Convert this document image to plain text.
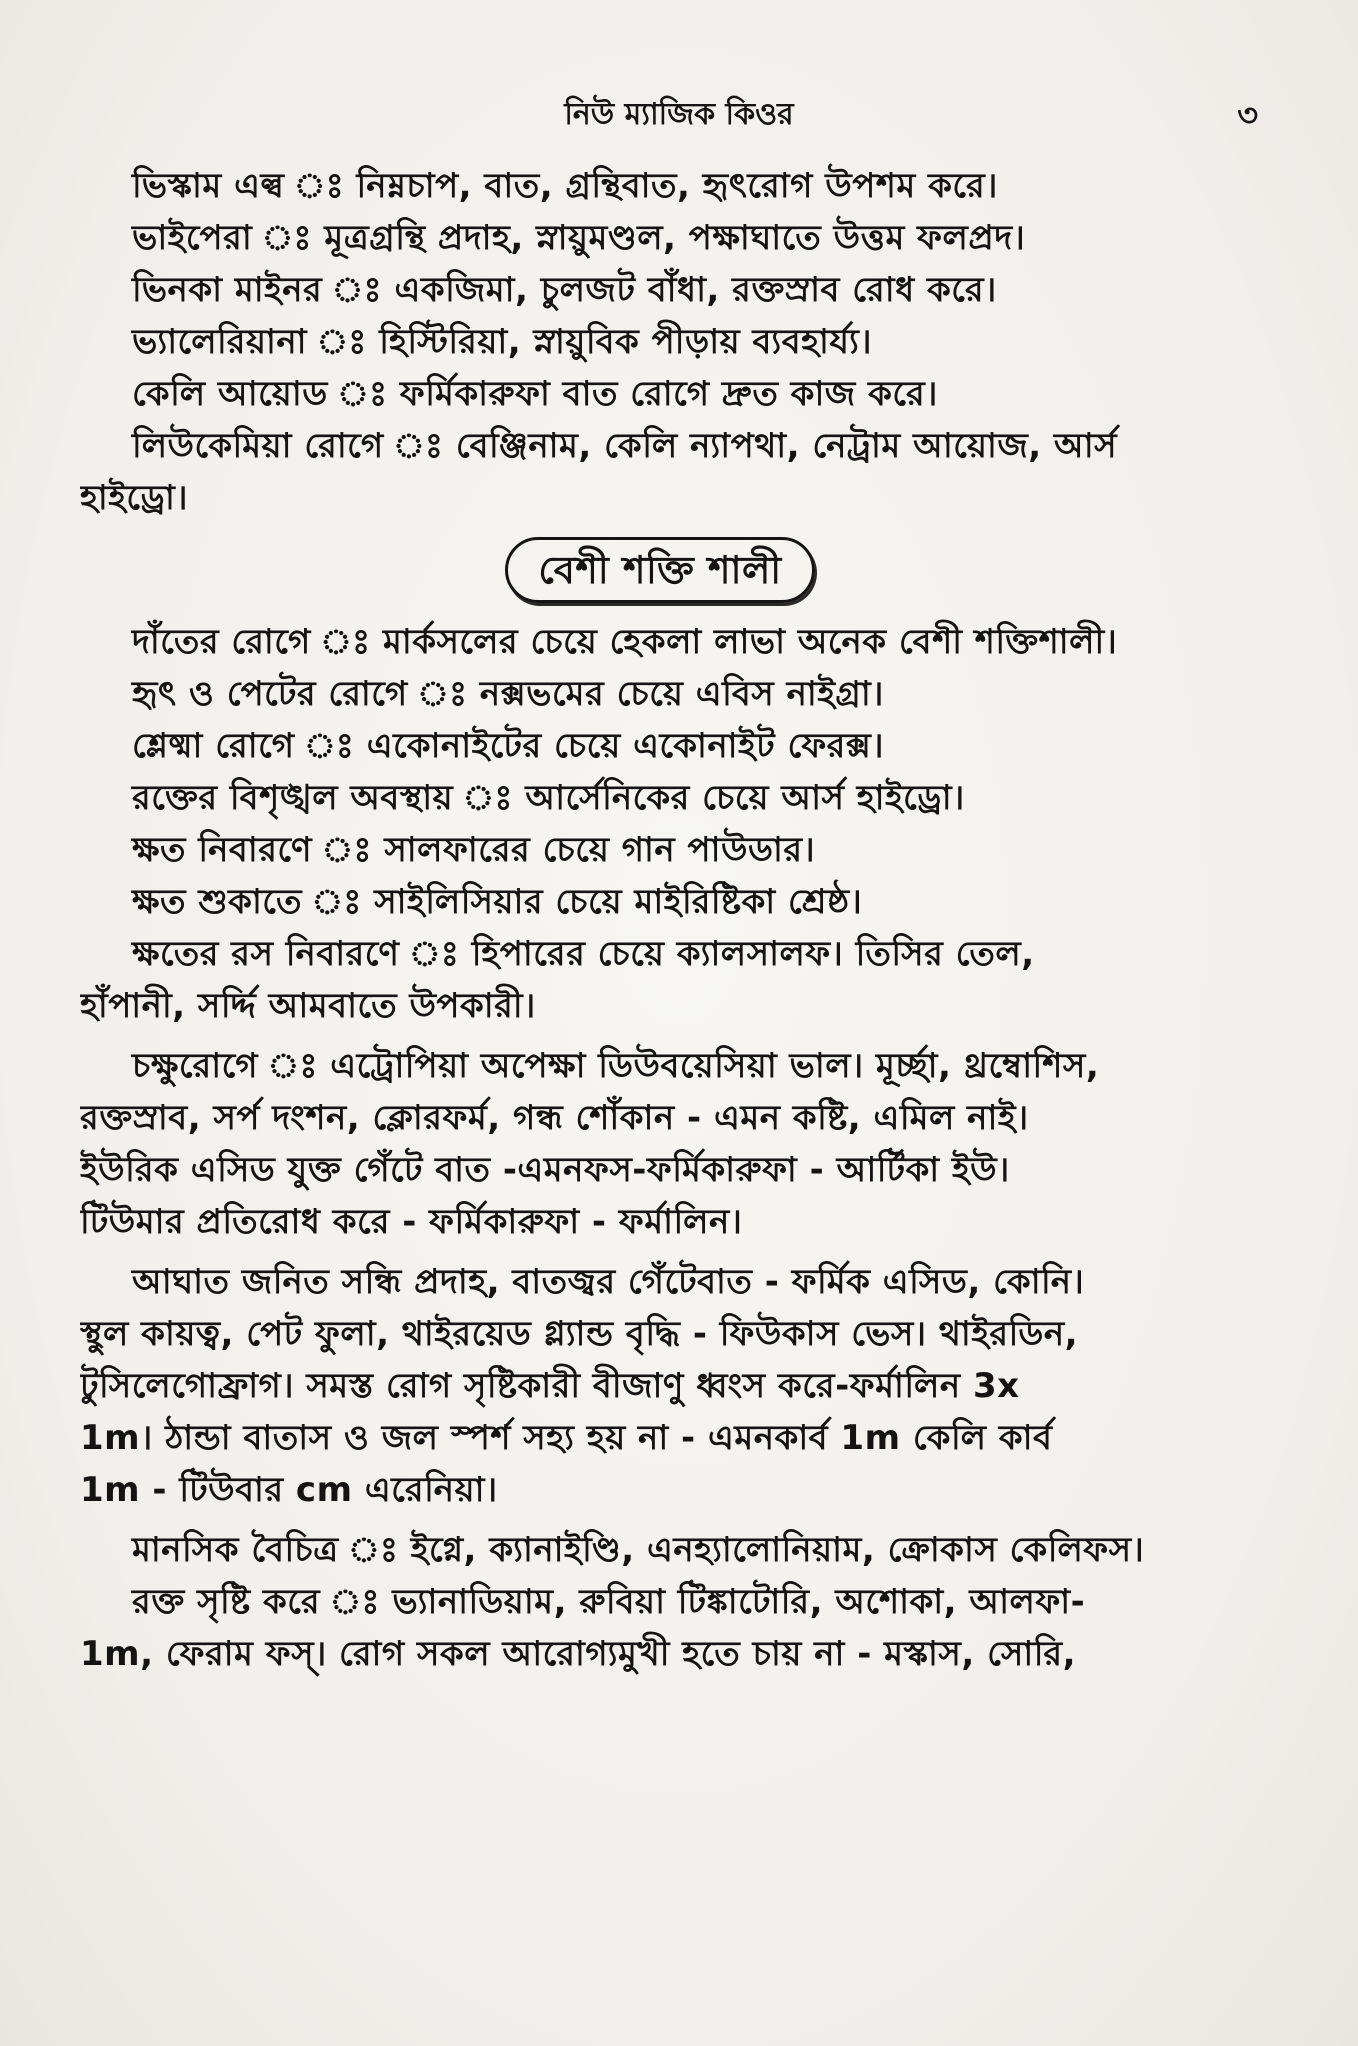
নিউ ম্যাজিক কিওর	৩
ভিস্কাম এল্ব ঃ নিম্নচাপ, বাত, গ্রন্থিবাত, হৃৎরোগ উপশম করে।
ভাইপেরা ঃ মূত্রগ্রন্থি প্রদাহ, স্নায়ুমণ্ডল, পক্ষাঘাতে উত্তম ফলপ্রদ।
ভিনকা মাইনর ঃ একজিমা, চুলজট বাঁধা, রক্তস্রাব রোধ করে।
ভ্যালেরিয়ানা ঃ হিস্টিরিয়া, স্নায়ুবিক পীড়ায় ব্যবহার্য্য।
কেলি আয়োড ঃ ফর্মিকারুফা বাত রোগে দ্রুত কাজ করে।
লিউকেমিয়া রোগে ঃ বেঞ্জিনাম, কেলি ন্যাপথা, নেট্রাম আয়োজ, আর্স
হাইড্রো।
বেশী শক্তি শালী
দাঁতের রোগে ঃ মার্কসলের চেয়ে হেকলা লাভা অনেক বেশী শক্তিশালী।
হৃৎ ও পেটের রোগে ঃ নক্সভমের চেয়ে এবিস নাইগ্রা।
শ্লেষ্মা রোগে ঃ একোনাইটের চেয়ে একোনাইট ফেরক্স।
রক্তের বিশৃঙ্খল অবস্থায় ঃ আর্সেনিকের চেয়ে আর্স হাইড্রো।
ক্ষত নিবারণে ঃ সালফারের চেয়ে গান পাউডার।
ক্ষত শুকাতে ঃ সাইলিসিয়ার চেয়ে মাইরিষ্টিকা শ্রেষ্ঠ।
ক্ষতের রস নিবারণে ঃ হিপারের চেয়ে ক্যালসালফ। তিসির তেল,
হাঁপানী, সর্দ্দি আমবাতে উপকারী।
চক্ষুরোগে ঃ এট্রোপিয়া অপেক্ষা ডিউবয়েসিয়া ভাল। মূর্চ্ছা, থ্রম্বোশিস,
রক্তস্রাব, সর্প দংশন, ক্লোরফর্ম, গন্ধ শোঁকান - এমন কষ্টি, এমিল নাই।
ইউরিক এসিড যুক্ত গেঁটে বাত -এমনফস-ফর্মিকারুফা - আর্টিকা ইউ।
টিউমার প্রতিরোধ করে - ফর্মিকারুফা - ফর্মালিন।
আঘাত জনিত সন্ধি প্রদাহ, বাতজ্বর গেঁটেবাত - ফর্মিক এসিড, কোনি।
স্থুল কায়ত্ব, পেট ফুলা, থাইরয়েড গ্ল্যান্ড বৃদ্ধি - ফিউকাস ভেস। থাইরডিন,
টুসিলেগোফ্রাগ। সমস্ত রোগ সৃষ্টিকারী বীজাণু ধ্বংস করে-ফর্মালিন 3x
1m। ঠান্ডা বাতাস ও জল স্পর্শ সহ্য হয় না - এমনকার্ব 1m কেলি কার্ব
1m - টিউবার cm এরেনিয়া।
মানসিক বৈচিত্র ঃ ইগ্নে, ক্যানাইণ্ডি, এনহ্যালোনিয়াম, ক্রোকাস কেলিফস।
রক্ত সৃষ্টি করে ঃ ভ্যানাডিয়াম, রুবিয়া টিঙ্কাটোরি, অশোকা, আলফা-
1m, ফেরাম ফস্। রোগ সকল আরোগ্যমুখী হতে চায় না - মস্কাস, সোরি,
